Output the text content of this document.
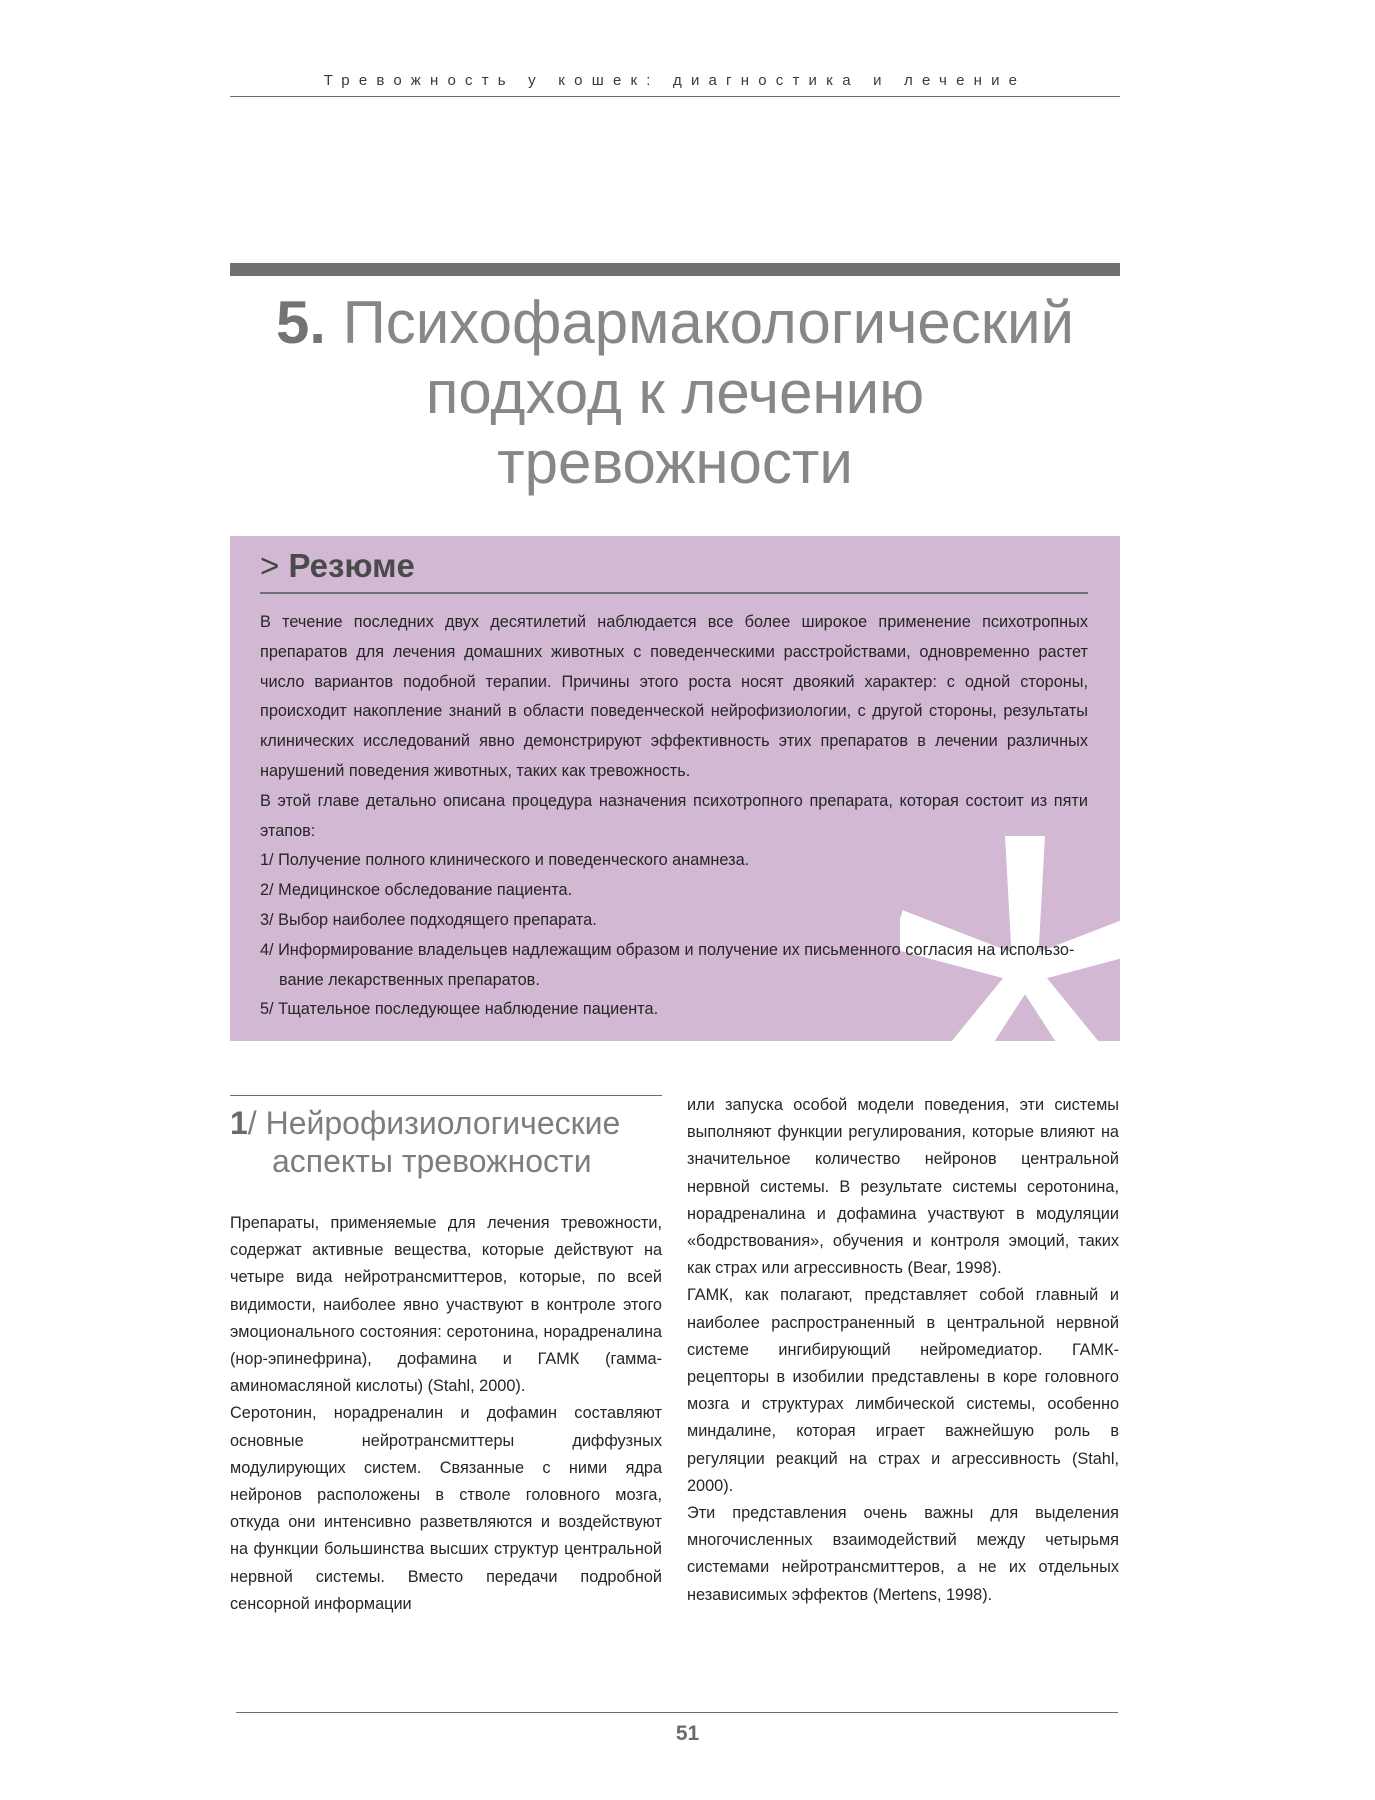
Тревожность у кошек: диагностика и лечение
5. Психофармакологический
подход к лечению
тревожности
> Резюме

В течение последних двух десятилетий наблюдается все более широкое применение психотропных препаратов для лечения домашних животных с поведенческими расстройствами, одновременно растет число вариантов подобной терапии. Причины этого роста носят двоякий характер: с одной стороны, происходит накопление знаний в области поведенческой нейрофизиологии, с другой стороны, результаты клинических исследований явно демонстрируют эффективность этих препаратов в лечении различных нарушений поведения животных, таких как тревожность.

В этой главе детально описана процедура назначения психотропного препарата, которая состоит из пяти этапов:

1/ Получение полного клинического и поведенческого анамнеза.

2/ Медицинское обследование пациента.

3/ Выбор наиболее подходящего препарата.

4/ Информирование владельцев надлежащим образом и получение их письменного согласия на использо-

вание лекарственных препаратов.

5/ Тщательное последующее наблюдение пациента.

1/ Нейрофизиологические
аспекты тревожности

Препараты, применяемые для лечения тревожности, содержат активные вещества, которые действуют на четыре вида нейротрансмиттеров, которые, по всей видимости, наиболее явно участвуют в контроле этого эмоционального состояния: серотонина, норадреналина (нор-эпинефрина), дофамина и ГАМК (гамма-аминомасляной кислоты) (Stahl, 2000).

Серотонин, норадреналин и дофамин составляют основные нейротрансмиттеры диффузных модулирующих систем. Связанные с ними ядра нейронов расположены в стволе головного мозга, откуда они интенсивно разветвляются и воздействуют на функции большинства высших структур центральной нервной системы. Вместо передачи подробной сенсорной информации

или запуска особой модели поведения, эти системы выполняют функции регулирования, которые влияют на значительное количество нейронов центральной нервной системы. В результате системы серотонина, норадреналина и дофамина участвуют в модуляции «бодрствования», обучения и контроля эмоций, таких как страх или агрессивность (Bear, 1998).

ГАМК, как полагают, представляет собой главный и наиболее распространенный в центральной нервной системе ингибирующий нейромедиатор. ГАМК-рецепторы в изобилии представлены в коре головного мозга и структурах лимбической системы, особенно миндалине, которая играет важнейшую роль в регуляции реакций на страх и агрессивность (Stahl, 2000).

Эти представления очень важны для выделения многочисленных взаимодействий между четырьмя системами нейротрансмиттеров, а не их отдельных независимых эффектов (Mertens, 1998).

51
